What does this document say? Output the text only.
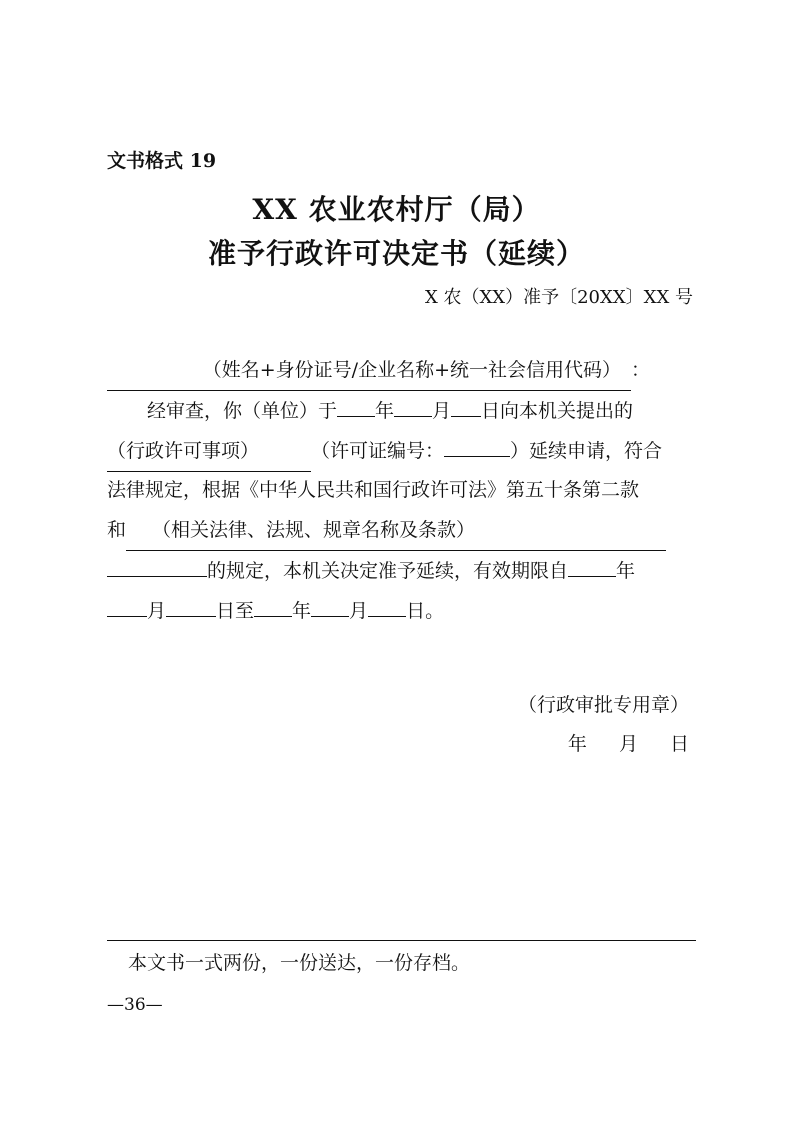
文书格式 19
XX 农业农村厅（局）
准予行政许可决定书（延续）
X 农（XX）准予〔20XX〕XX 号
（姓名+身份证号/企业名称+统一社会信用代码） ：
经审查，你（单位）于 年 月 日向本机关提出的
（行政许可事项）	（许可证编号：	）延续申请，符合
法律规定，根据《中华人民共和国行政许可法》第五十条第二款
和 （相关法律、法规、规章名称及条款）
的规定，本机关决定准予延续，有效期限自	年
月	日至 年 月 日。
（行政审批专用章）
年 月 日
本文书一式两份，一份送达，一份存档。
—36—
